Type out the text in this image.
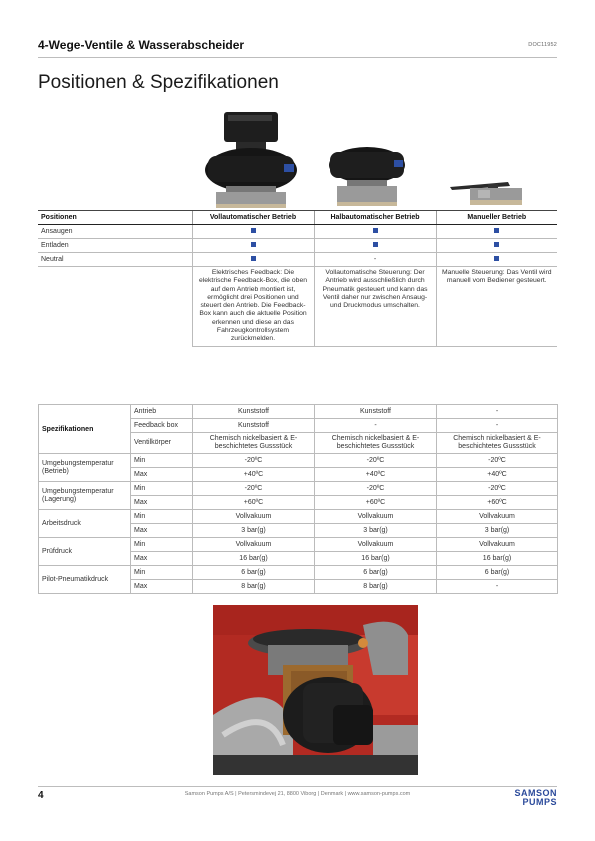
4-Wege-Ventile & Wasserabscheider	DOC11952
Positionen & Spezifikationen
Positionen	Vollautomatischer Betrieb	Halbautomatischer Betrieb	Manueller Betrieb
Ansaugen			
Entladen			
Neutral		-	
	Elektrisches Feedback: Die elektrische Feedback-Box, die oben auf dem Antrieb montiert ist, ermöglicht drei Positionen und steuert den Antrieb. Die Feedback-Box kann auch die aktuelle Position erkennen und diese an das Fahrzeugkontrollsystem zurückmelden.	Vollautomatische Steuerung: Der Antrieb wird ausschließlich durch Pneumatik gesteuert und kann das Ventil daher nur zwischen Ansaug- und Druckmodus umschalten.	Manuelle Steuerung: Das Ventil wird manuell vom Bediener gesteuert.
Spezifikationen	Antrieb	Kunststoff	Kunststoff	-
	Feedback box	Kunststoff	-	-
	Ventilkörper	Chemisch nickelbasiert & E-beschichtetes Gussstück	Chemisch nickelbasiert & E-beschichtetes Gussstück	Chemisch nickelbasiert & E-beschichtetes Gussstück
Umgebungstemperatur (Betrieb)	Min	-20ºC	-20ºC	-20ºC
	Max	+40ºC	+40ºC	+40ºC
Umgebungstemperatur (Lagerung)	Min	-20ºC	-20ºC	-20ºC
	Max	+60ºC	+60ºC	+60ºC
Arbeitsdruck	Min	Vollvakuum	Vollvakuum	Vollvakuum
	Max	3 bar(g)	3 bar(g)	3 bar(g)
Prüfdruck	Min	Vollvakuum	Vollvakuum	Vollvakuum
	Max	16 bar(g)	16 bar(g)	16 bar(g)
Pilot-Pneumatikdruck	Min	6 bar(g)	6 bar(g)	6 bar(g)
	Max	8 bar(g)	8 bar(g)	-
4	Samson Pumps A/S | Petersmindevej 21, 8800 Viborg | Denmark | www.samson-pumps.com	SAMSON
PUMPS
